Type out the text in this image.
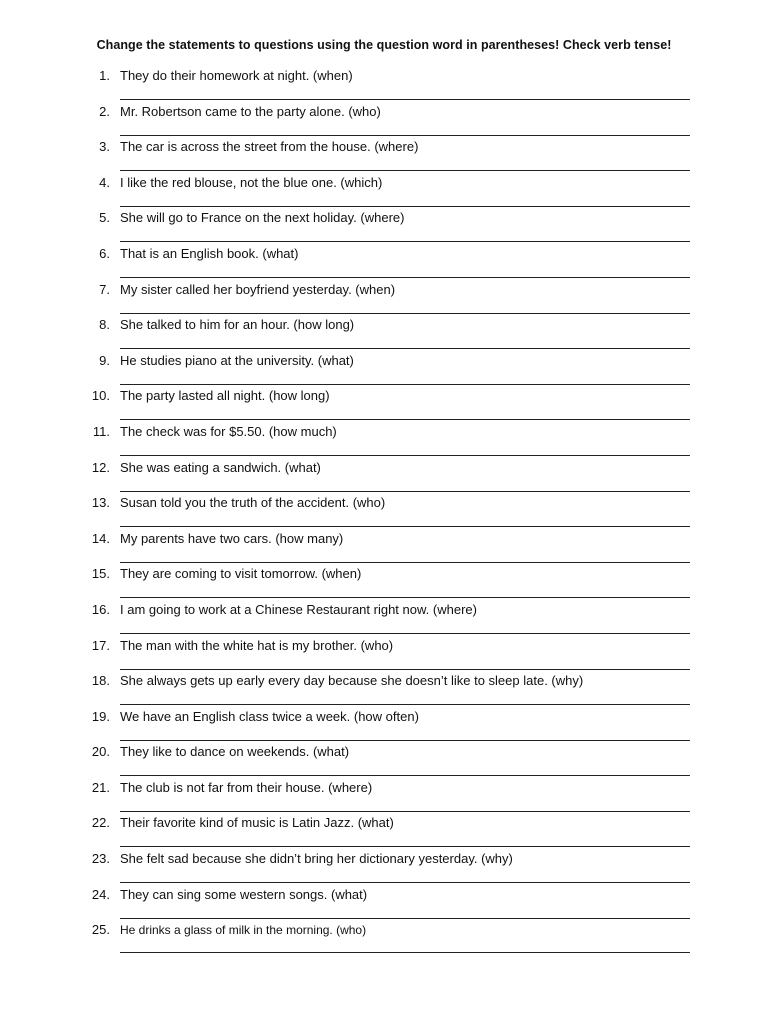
Change the statements to questions using the question word in parentheses! Check verb tense!
1. They do their homework at night. (when)
2. Mr. Robertson came to the party alone. (who)
3. The car is across the street from the house. (where)
4. I like the red blouse, not the blue one. (which)
5. She will go to France on the next holiday. (where)
6. That is an English book. (what)
7. My sister called her boyfriend yesterday. (when)
8. She talked to him for an hour. (how long)
9. He studies piano at the university. (what)
10. The party lasted all night. (how long)
11. The check was for $5.50. (how much)
12. She was eating a sandwich. (what)
13. Susan told you the truth of the accident. (who)
14. My parents have two cars. (how many)
15. They are coming to visit tomorrow. (when)
16. I am going to work at a Chinese Restaurant right now. (where)
17. The man with the white hat is my brother. (who)
18. She always gets up early every day because she doesn’t like to sleep late. (why)
19. We have an English class twice a week. (how often)
20. They like to dance on weekends. (what)
21. The club is not far from their house. (where)
22. Their favorite kind of music is Latin Jazz. (what)
23. She felt sad because she didn’t bring her dictionary yesterday. (why)
24. They can sing some western songs. (what)
25. He drinks a glass of milk in the morning. (who)
